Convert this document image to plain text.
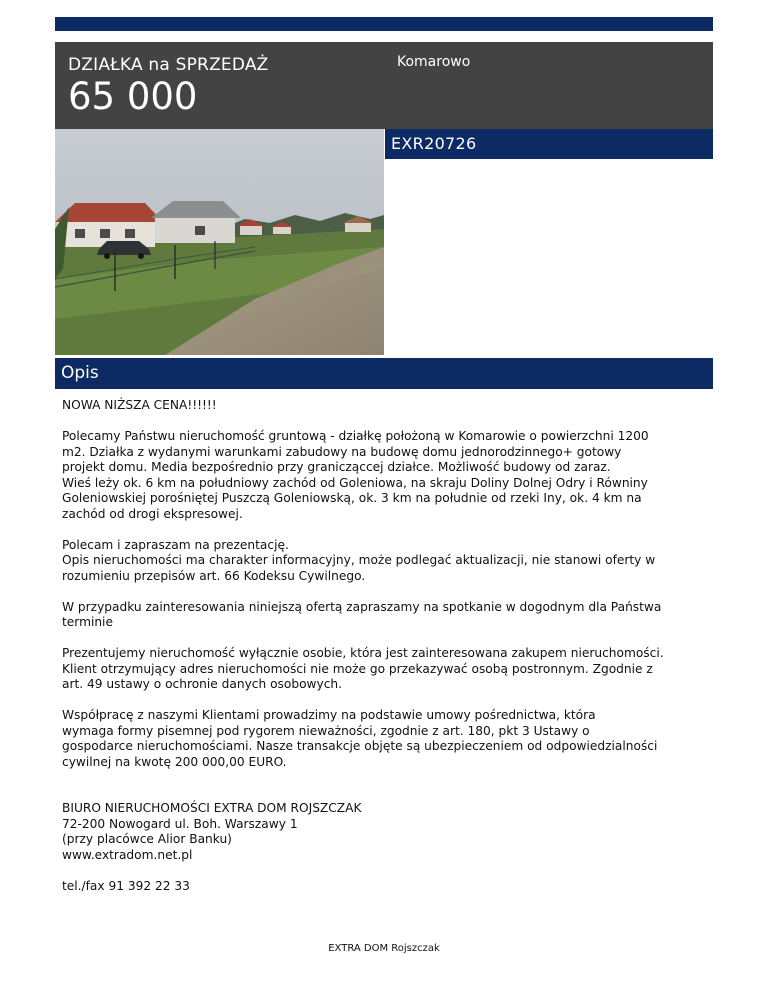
DZIAŁKA na SPRZEDAŻ
65 000
Komarowo
EXR20726
Opis

NOWA NIŻSZA CENA!!!!!!

Polecamy Państwu nieruchomość gruntową - działkę położoną w Komarowie o powierzchni 1200
m2. Działka z wydanymi warunkami zabudowy na budowę domu jednorodzinnego+ gotowy
projekt domu. Media bezpośrednio przy granicząccej działce. Możliwość budowy od zaraz.
Wieś leży ok. 6 km na południowy zachód od Goleniowa, na skraju Doliny Dolnej Odry i Równiny
Goleniowskiej porośniętej Puszczą Goleniowską, ok. 3 km na południe od rzeki Iny, ok. 4 km na
zachód od drogi ekspresowej.

Polecam i zapraszam na prezentację.
Opis nieruchomości ma charakter informacyjny, może podlegać aktualizacji, nie stanowi oferty w
rozumieniu przepisów art. 66 Kodeksu Cywilnego.

W przypadku zainteresowania niniejszą ofertą zapraszamy na spotkanie w dogodnym dla Państwa
terminie

Prezentujemy nieruchomość wyłącznie osobie, która jest zainteresowana zakupem nieruchomości.
Klient otrzymujący adres nieruchomości nie może go przekazywać osobą postronnym. Zgodnie z
art. 49 ustawy o ochronie danych osobowych.

Współpracę z naszymi Klientami prowadzimy na podstawie umowy pośrednictwa, która
wymaga formy pisemnej pod rygorem nieważności, zgodnie z art. 180, pkt 3 Ustawy o
gospodarce nieruchomościami. Nasze transakcje objęte są ubezpieczeniem od odpowiedzialności
cywilnej na kwotę 200 000,00 EURO.

BIURO NIERUCHOMOŚCI EXTRA DOM ROJSZCZAK
72-200 Nowogard ul. Boh. Warszawy 1
(przy placówce Alior Banku)
www.extradom.net.pl

tel./fax 91 392 22 33

EXTRA DOM Rojszczak
